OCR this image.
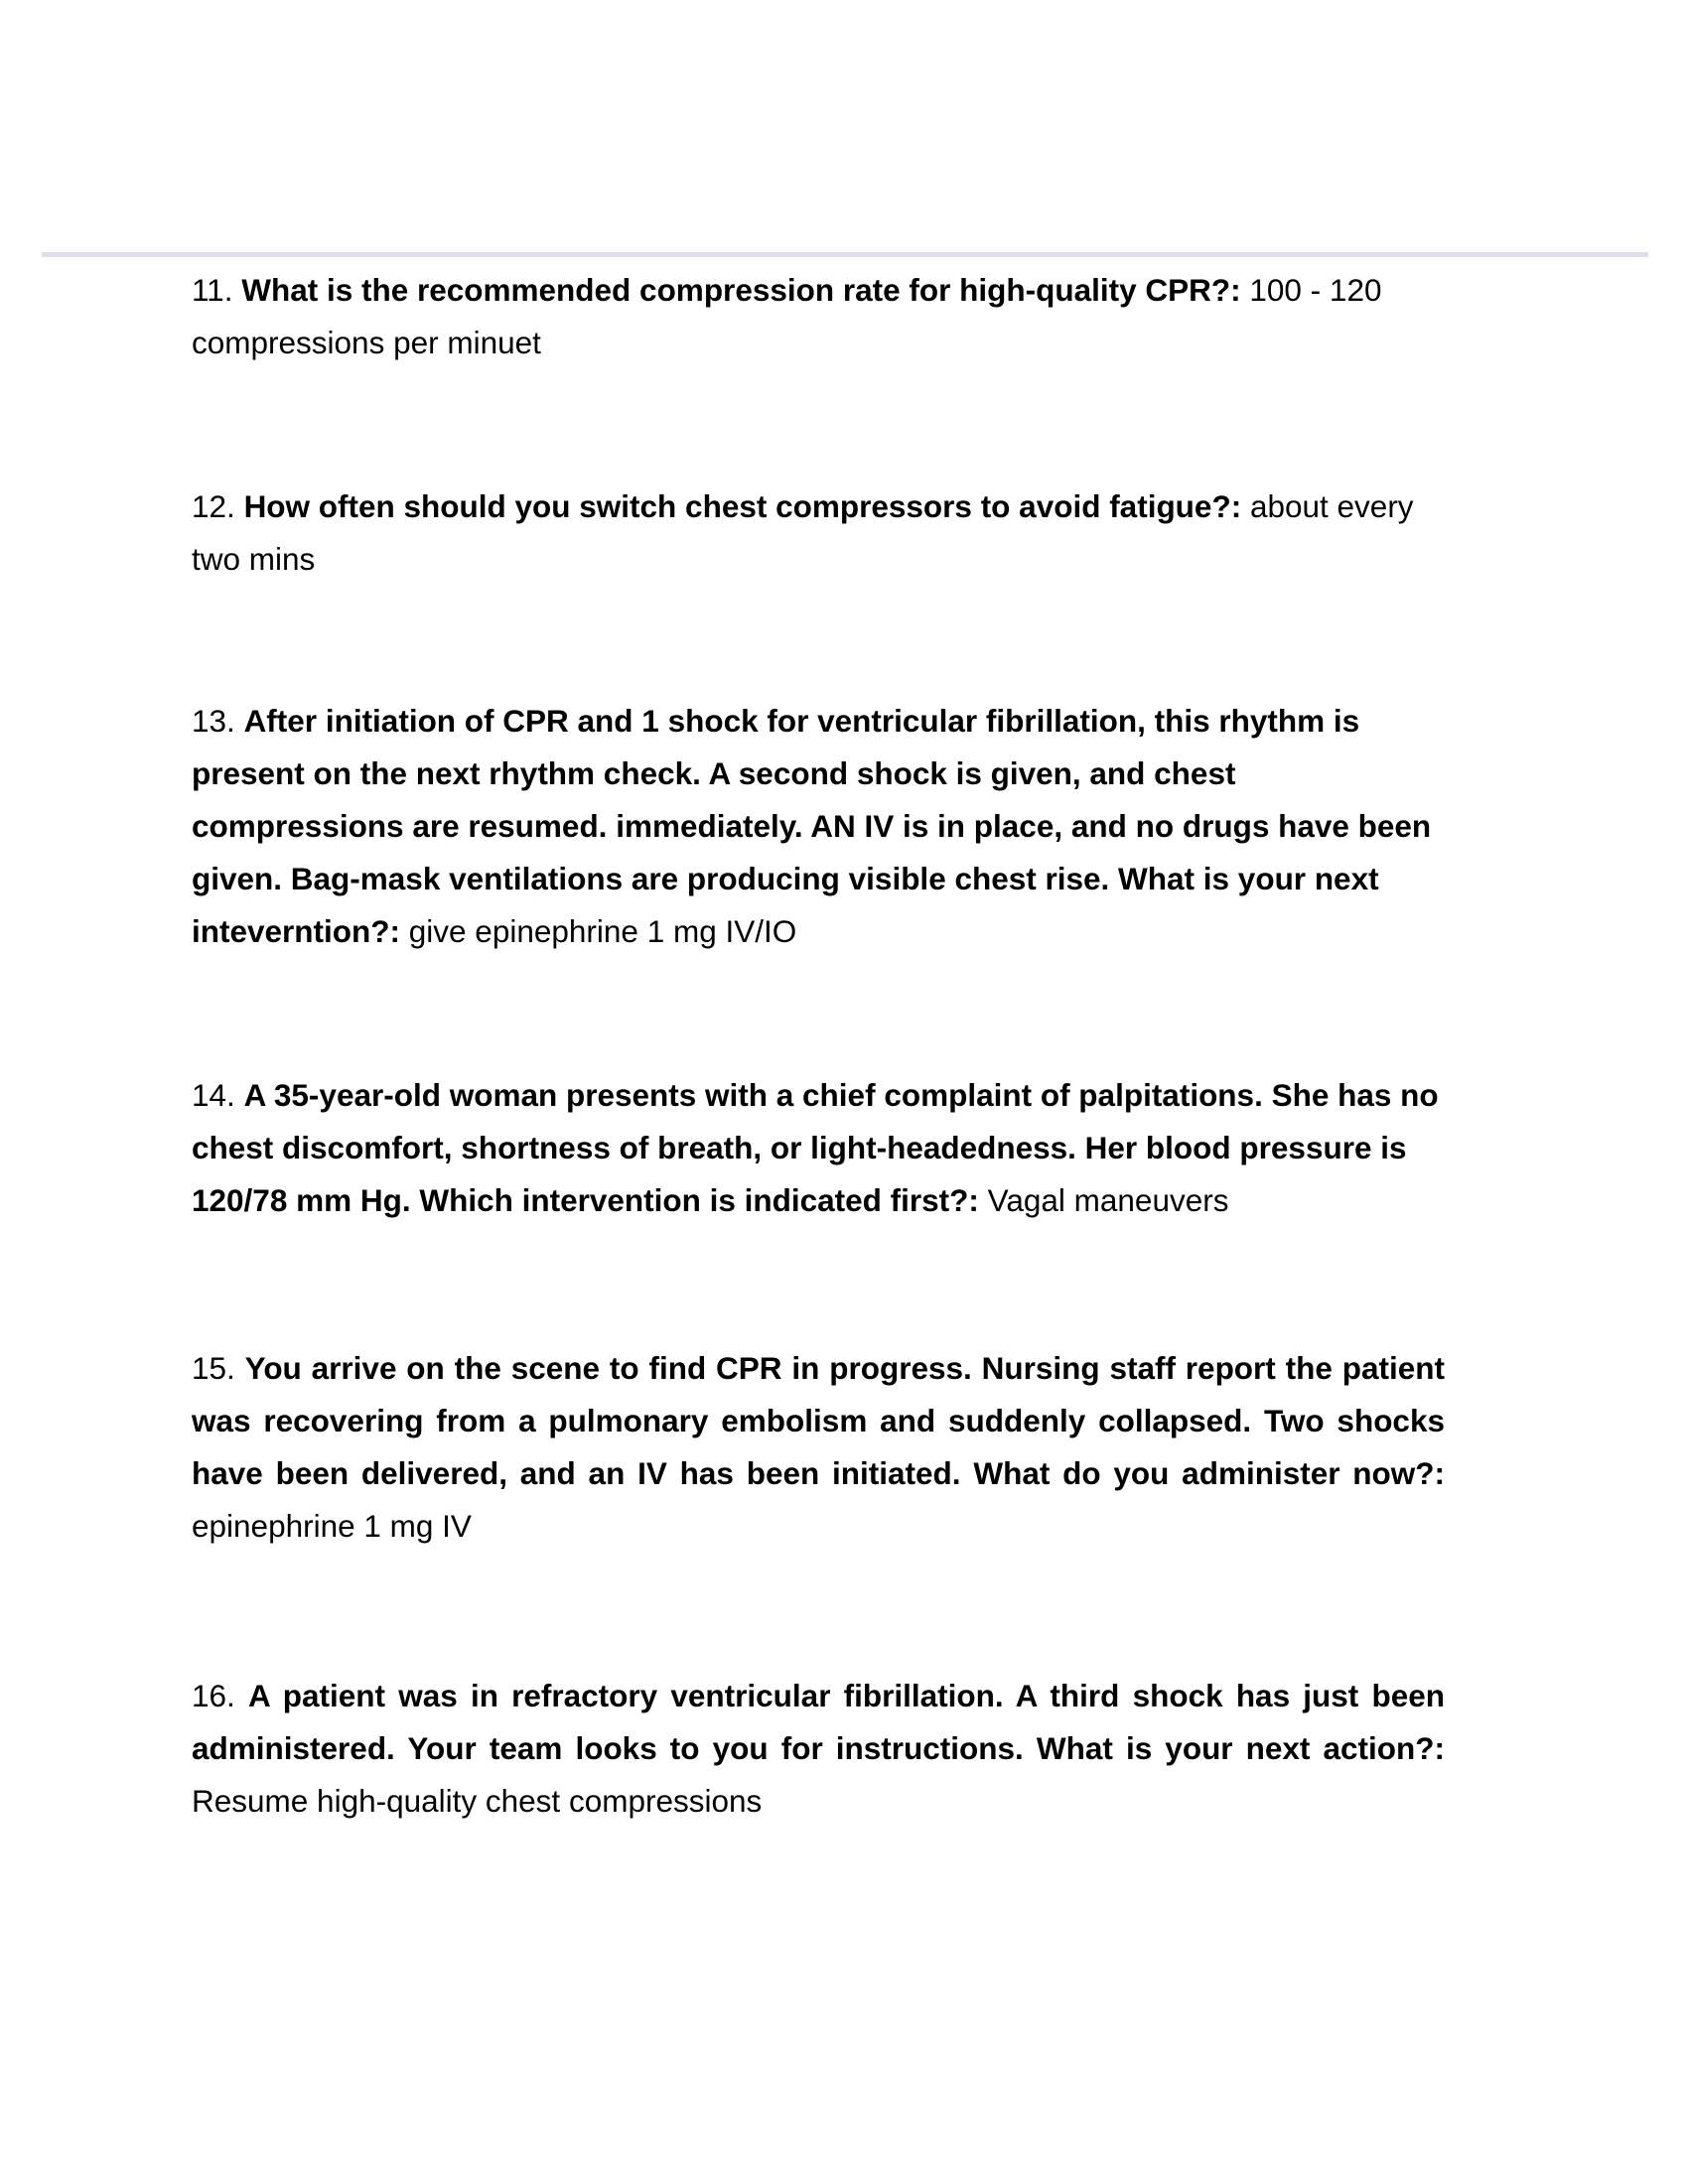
11. What is the recommended compression rate for high-quality CPR?: 100 - 120 compressions per minuet

12. How often should you switch chest compressors to avoid fatigue?: about every two mins

13. After initiation of CPR and 1 shock for ventricular fibrillation, this rhythm is present on the next rhythm check. A second shock is given, and chest compressions are resumed. immediately. AN IV is in place, and no drugs have been given. Bag-mask ventilations are producing visible chest rise. What is your next inteverntion?: give epinephrine 1 mg IV/IO

14. A 35-year-old woman presents with a chief complaint of palpitations. She has no chest discomfort, shortness of breath, or light-headedness. Her blood pressure is 120/78 mm Hg. Which intervention is indicated first?: Vagal maneuvers

15. You arrive on the scene to find CPR in progress. Nursing staff report the patient was recovering from a pulmonary embolism and suddenly collapsed. Two shocks have been delivered, and an IV has been initiated. What do you administer now?: epinephrine 1 mg IV

16. A patient was in refractory ventricular fibrillation. A third shock has just been administered. Your team looks to you for instructions. What is your next action?: Resume high-quality chest compressions
